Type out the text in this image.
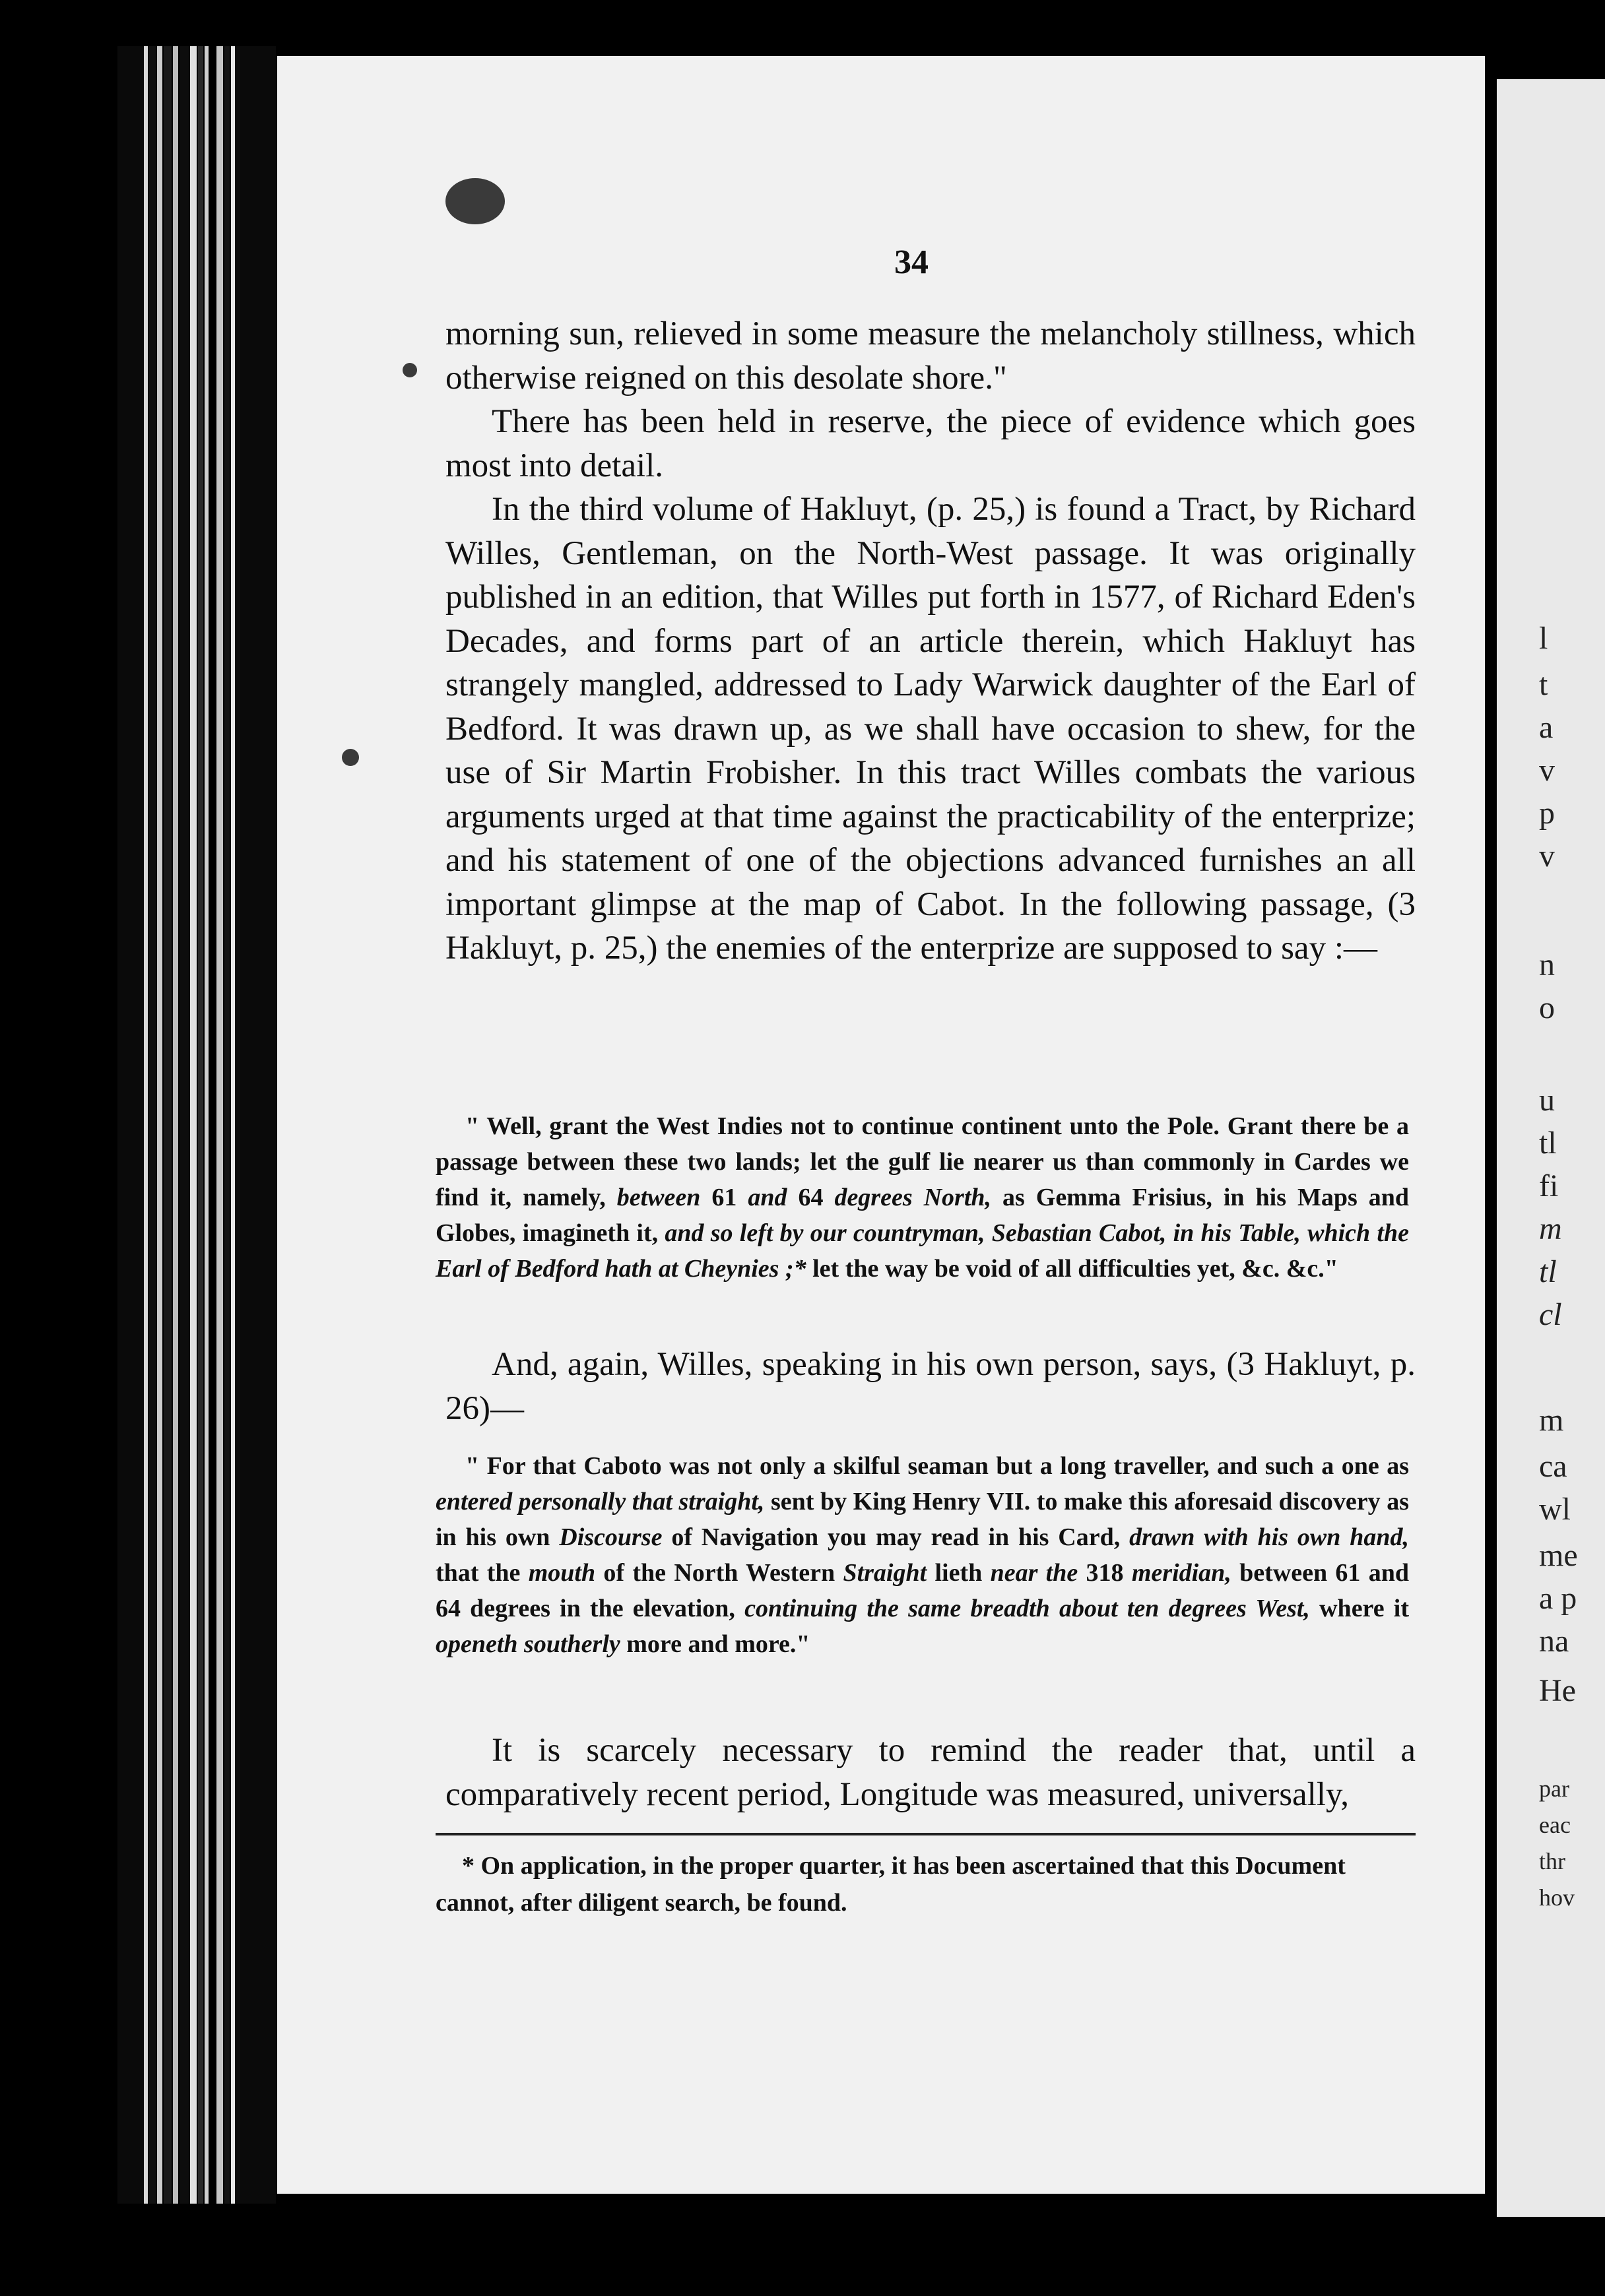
l
t
a
v
p
v
n
o
u
tl
fi
m
tl
cl
m
ca
wl
me
a p
na
He
par
eac
thr
hov
34

morning sun, relieved in some measure the melancholy stillness, which otherwise reigned on this desolate shore."

There has been held in reserve, the piece of evidence which goes most into detail.

In the third volume of Hakluyt, (p. 25,) is found a Tract, by Richard Willes, Gentleman, on the North-West passage. It was originally published in an edition, that Willes put forth in 1577, of Richard Eden's Decades, and forms part of an article therein, which Hakluyt has strangely mangled, addressed to Lady Warwick daughter of the Earl of Bedford. It was drawn up, as we shall have occasion to shew, for the use of Sir Martin Frobisher. In this tract Willes combats the various arguments urged at that time against the practicability of the enterprize; and his statement of one of the objections advanced furnishes an all important glimpse at the map of Cabot. In the following passage, (3 Hakluyt, p. 25,) the enemies of the enterprize are supposed to say :—

" Well, grant the West Indies not to continue continent unto the Pole. Grant there be a passage between these two lands; let the gulf lie nearer us than commonly in Cardes we find it, namely, between 61 and 64 degrees North, as Gemma Frisius, in his Maps and Globes, imagineth it, and so left by our countryman, Sebastian Cabot, in his Table, which the Earl of Bedford hath at Cheynies ;* let the way be void of all difficulties yet, &c. &c."

And, again, Willes, speaking in his own person, says, (3 Hakluyt, p. 26)—

" For that Caboto was not only a skilful seaman but a long traveller, and such a one as entered personally that straight, sent by King Henry VII. to make this aforesaid discovery as in his own Discourse of Navigation you may read in his Card, drawn with his own hand, that the mouth of the North Western Straight lieth near the 318 meridian, between 61 and 64 degrees in the elevation, continuing the same breadth about ten degrees West, where it openeth southerly more and more."

It is scarcely necessary to remind the reader that, until a comparatively recent period, Longitude was measured, universally,

* On application, in the proper quarter, it has been ascertained that this Document cannot, after diligent search, be found.
